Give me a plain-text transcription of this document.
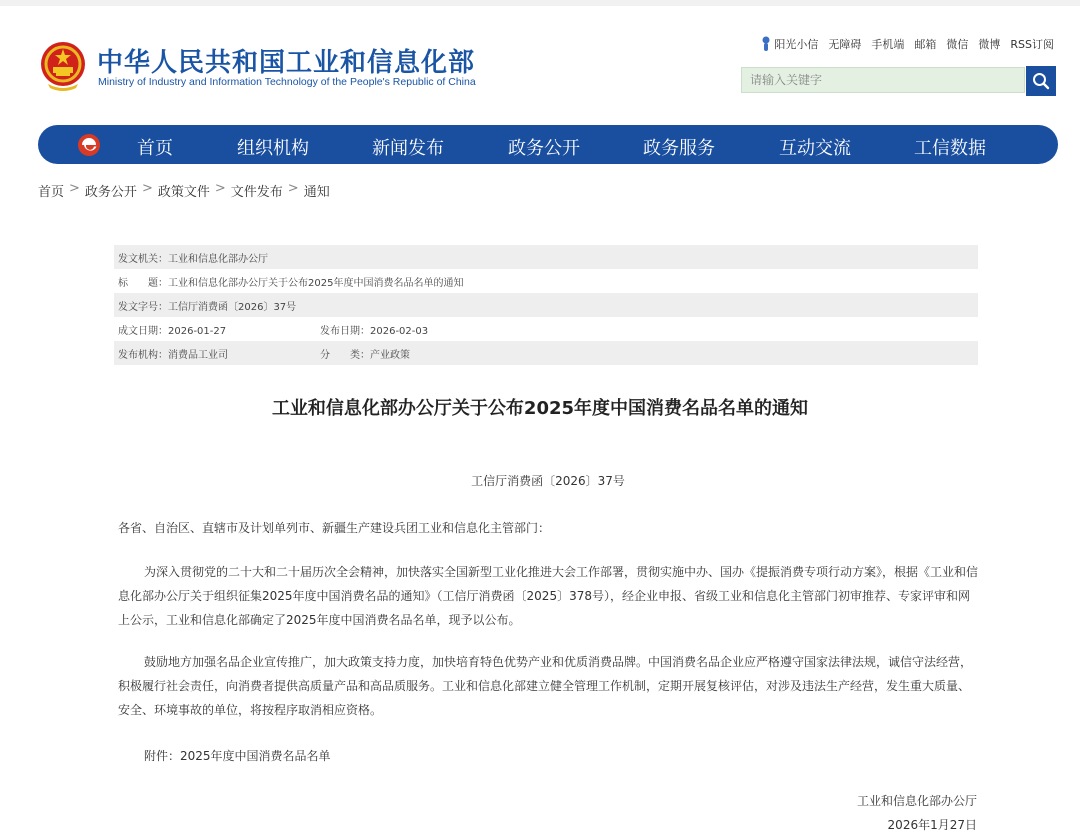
中华人民共和国工业和信息化部
Ministry of Industry and Information Technology of the People's Republic of China
阳光小信 无障碍 手机端 邮箱 微信 微博 RSS订阅
请输入关键字
首页	组织机构	新闻发布	政务公开	政务服务	互动交流	工信数据
首页 > 政务公开 > 政策文件 > 文件发布 > 通知
发文机关：工业和信息化部办公厅
标　　题：工业和信息化部办公厅关于公布2025年度中国消费名品名单的通知
发文字号：工信厅消费函〔2026〕37号
成文日期：2026-01-27	发布日期：2026-02-03
发布机构：消费品工业司	分　　类：产业政策
工业和信息化部办公厅关于公布2025年度中国消费名品名单的通知
工信厅消费函〔2026〕37号

各省、自治区、直辖市及计划单列市、新疆生产建设兵团工业和信息化主管部门：

为深入贯彻党的二十大和二十届历次全会精神，加快落实全国新型工业化推进大会工作部署，贯彻实施中办、国办《提振消费专项行动方案》，根据《工业和信息化部办公厅关于组织征集2025年度中国消费名品的通知》（工信厅消费函〔2025〕378号），经企业申报、省级工业和信息化主管部门初审推荐、专家评审和网上公示，工业和信息化部确定了2025年度中国消费名品名单，现予以公布。

鼓励地方加强名品企业宣传推广，加大政策支持力度，加快培育特色优势产业和优质消费品牌。中国消费名品企业应严格遵守国家法律法规，诚信守法经营，积极履行社会责任，向消费者提供高质量产品和高品质服务。工业和信息化部建立健全管理工作机制，定期开展复核评估，对涉及违法生产经营，发生重大质量、安全、环境事故的单位，将按程序取消相应资格。

附件：2025年度中国消费名品名单

工业和信息化部办公厅
2026年1月27日
